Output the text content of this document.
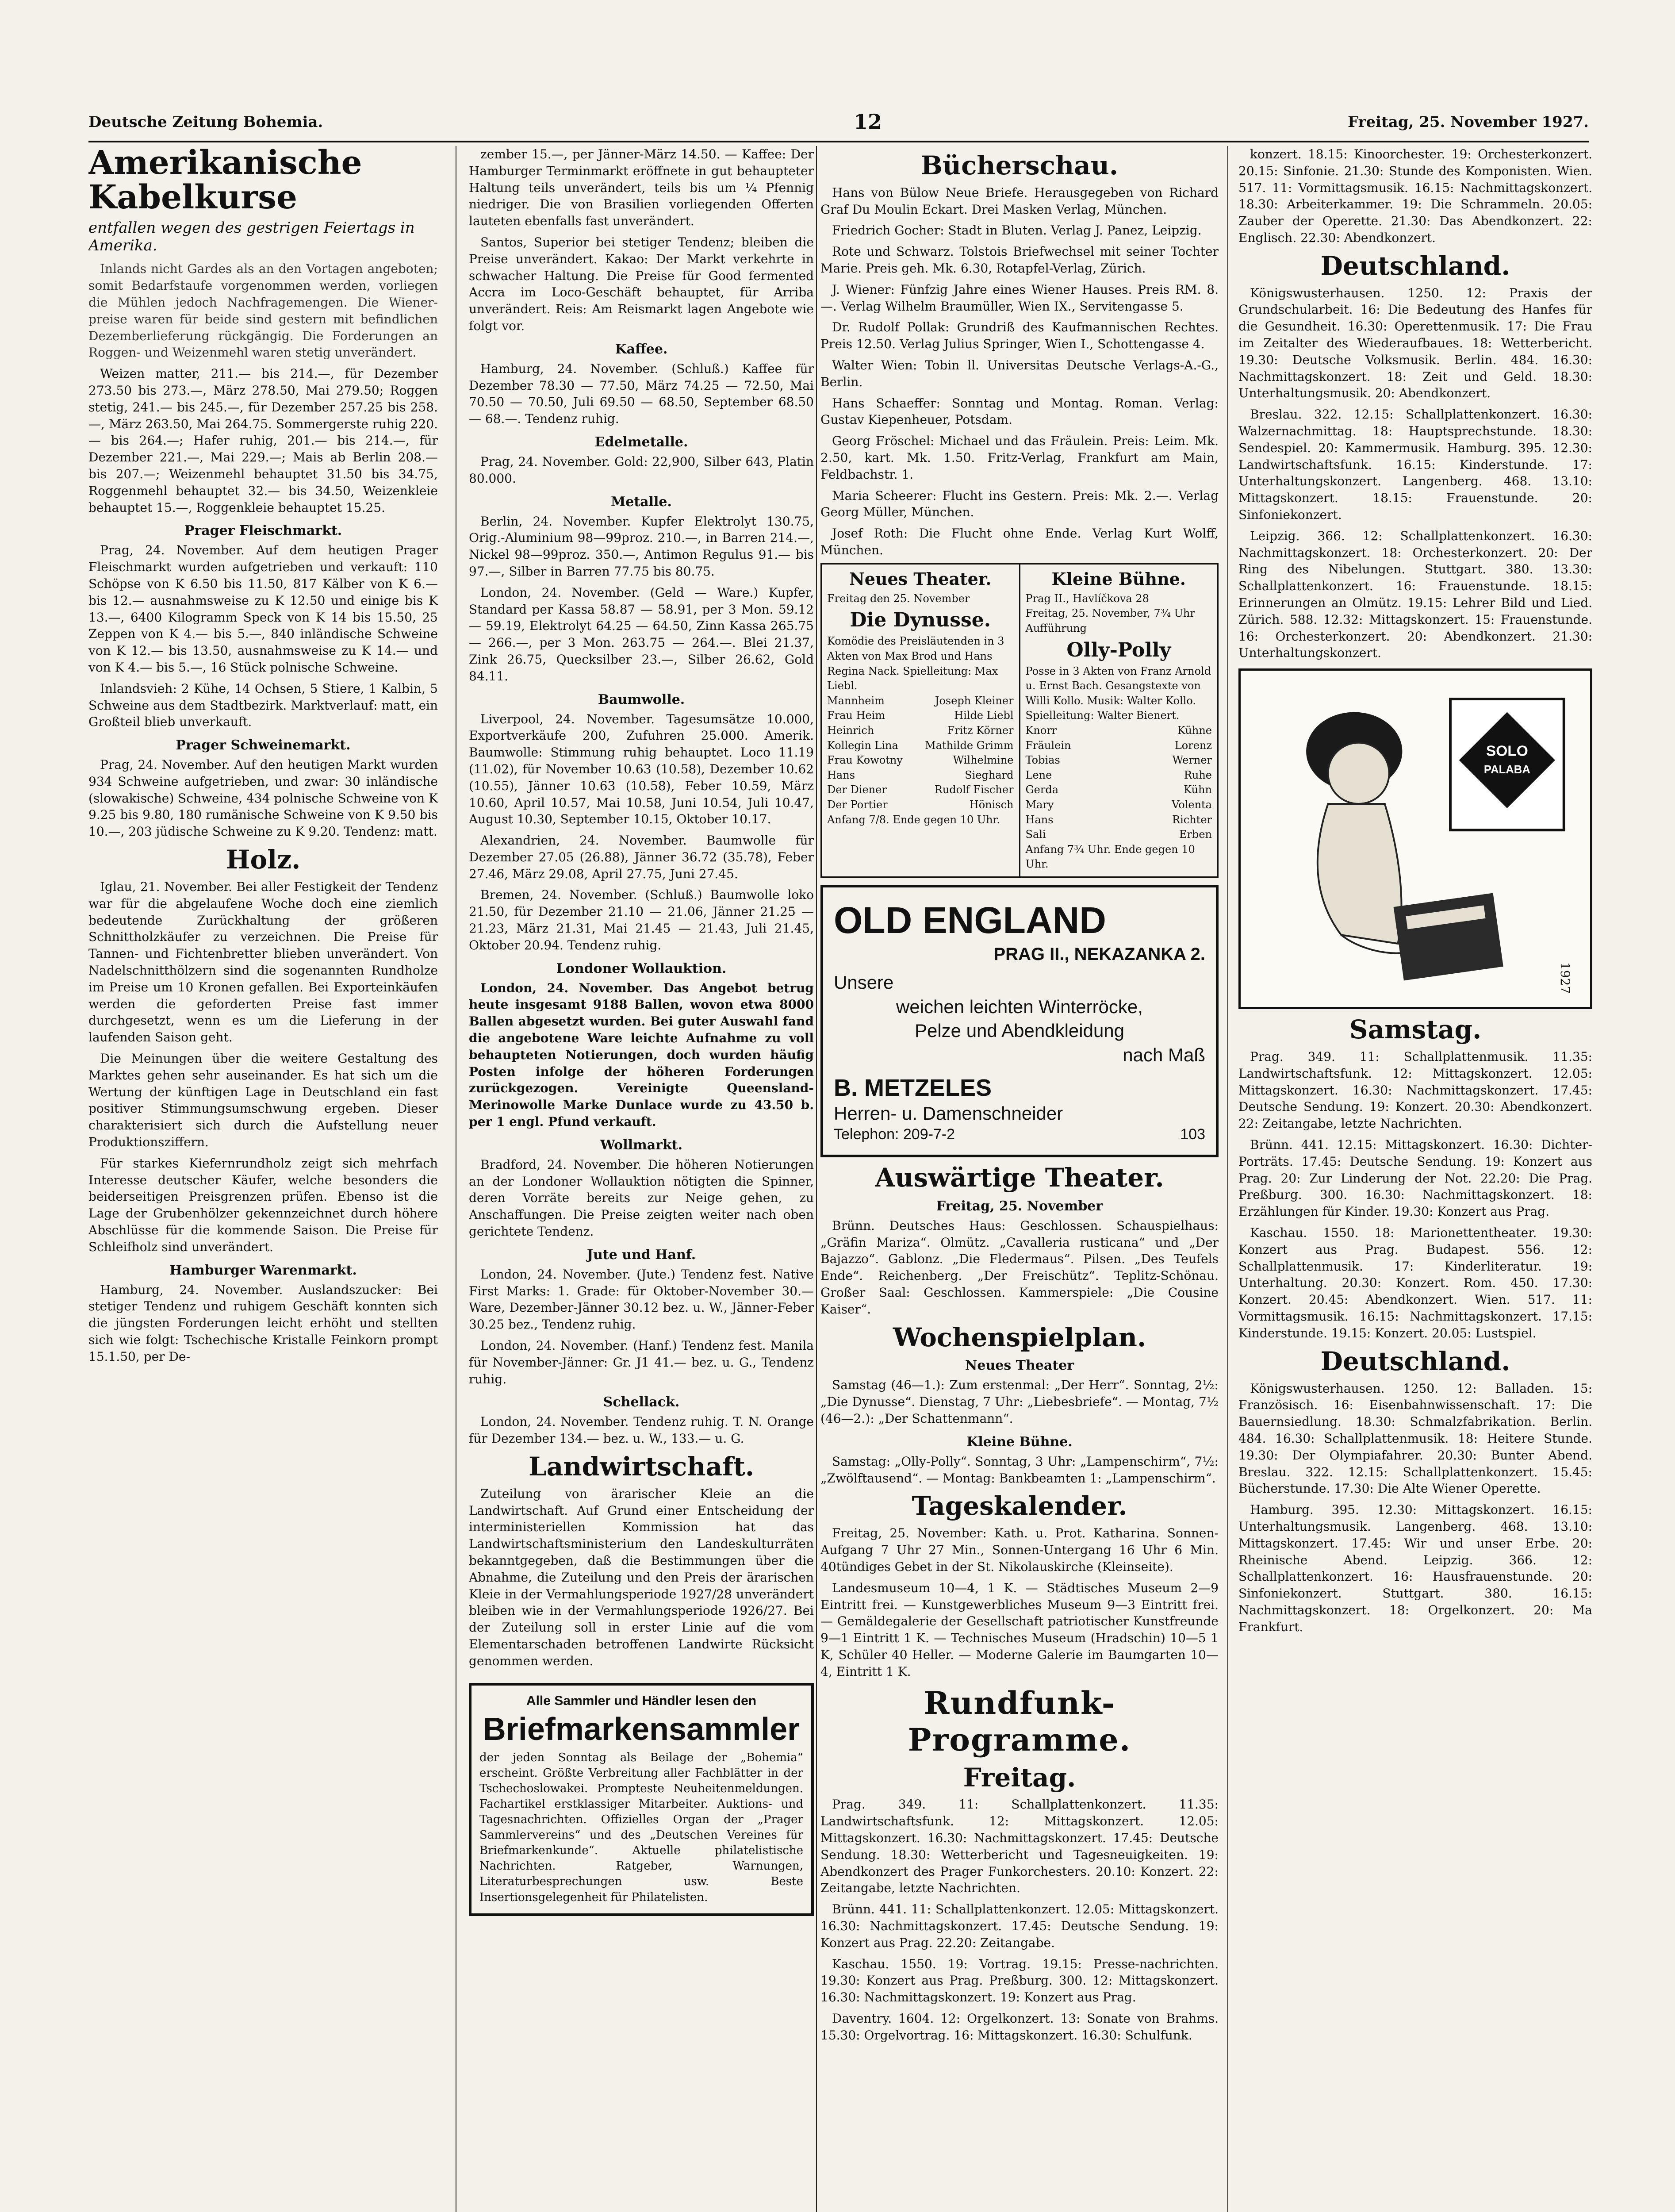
Deutsche Zeitung Bohemia.	12	Freitag, 25. November 1927.
Amerikanische Kabelkurse
entfallen wegen des gestrigen Feiertags in Amerika.

Inlands nicht Gardes als an den Vortagen angeboten; somit Bedarfstaufe vorgenommen werden, vorliegen die Mühlen jedoch Nachfragemengen. Die Wiener-preise waren für beide sind gestern mit befindlichen Dezemberlieferung rückgängig. Die Forderungen an Roggen- und Weizenmehl waren stetig unverändert.

Weizen matter, 211.— bis 214.—, für Dezember 273.50 bis 273.—, März 278.50, Mai 279.50; Roggen stetig, 241.— bis 245.—, für Dezember 257.25 bis 258.—, März 263.50, Mai 264.75. Sommergerste ruhig 220.— bis 264.—; Hafer ruhig, 201.— bis 214.—, für Dezember 221.—, Mai 229.—; Mais ab Berlin 208.— bis 207.—; Weizenmehl behauptet 31.50 bis 34.75, Roggenmehl behauptet 32.— bis 34.50, Weizenkleie behauptet 15.—, Roggenkleie behauptet 15.25.

Prager Fleischmarkt.

Prag, 24. November. Auf dem heutigen Prager Fleischmarkt wurden aufgetrieben und verkauft: 110 Schöpse von K 6.50 bis 11.50, 817 Kälber von K 6.— bis 12.— ausnahmsweise zu K 12.50 und einige bis K 13.—, 6400 Kilogramm Speck von K 14 bis 15.50, 25 Zeppen von K 4.— bis 5.—, 840 inländische Schweine von K 12.— bis 13.50, ausnahmsweise zu K 14.— und von K 4.— bis 5.—, 16 Stück polnische Schweine.

Inlandsvieh: 2 Kühe, 14 Ochsen, 5 Stiere, 1 Kalbin, 5 Schweine aus dem Stadtbezirk. Marktverlauf: matt, ein Großteil blieb unverkauft.

Prager Schweinemarkt.

Prag, 24. November. Auf den heutigen Markt wurden 934 Schweine aufgetrieben, und zwar: 30 inländische (slowakische) Schweine, 434 polnische Schweine von K 9.25 bis 9.80, 180 rumänische Schweine von K 9.50 bis 10.—, 203 jüdische Schweine zu K 9.20. Tendenz: matt.

Holz.

Iglau, 21. November. Bei aller Festigkeit der Tendenz war für die abgelaufene Woche doch eine ziemlich bedeutende Zurückhaltung der größeren Schnittholzkäufer zu verzeichnen. Die Preise für Tannen- und Fichtenbretter blieben unverändert. Von Nadelschnitthölzern sind die sogenannten Rundholze im Preise um 10 Kronen gefallen. Bei Exporteinkäufen werden die geforderten Preise fast immer durchgesetzt, wenn es um die Lieferung in der laufenden Saison geht.

Die Meinungen über die weitere Gestaltung des Marktes gehen sehr auseinander. Es hat sich um die Wertung der künftigen Lage in Deutschland ein fast positiver Stimmungsumschwung ergeben. Dieser charakterisiert sich durch die Aufstellung neuer Produktionsziffern.

Für starkes Kiefernrundholz zeigt sich mehrfach Interesse deutscher Käufer, welche besonders die beiderseitigen Preisgrenzen prüfen. Ebenso ist die Lage der Grubenhölzer gekennzeichnet durch höhere Abschlüsse für die kommende Saison. Die Preise für Schleifholz sind unverändert.

Hamburger Warenmarkt.

Hamburg, 24. November. Auslandszucker: Bei stetiger Tendenz und ruhigem Geschäft konnten sich die jüngsten Forderungen leicht erhöht und stellten sich wie folgt: Tschechische Kristalle Feinkorn prompt 15.1.50, per De-

zember 15.—, per Jänner-März 14.50. — Kaffee: Der Hamburger Terminmarkt eröffnete in gut behaupteter Haltung teils unverändert, teils bis um ¼ Pfennig niedriger. Die von Brasilien vorliegenden Offerten lauteten ebenfalls fast unverändert.

Santos, Superior bei stetiger Tendenz; bleiben die Preise unverändert. Kakao: Der Markt verkehrte in schwacher Haltung. Die Preise für Good fermented Accra im Loco-Geschäft behauptet, für Arriba unverändert. Reis: Am Reismarkt lagen Angebote wie folgt vor.

Kaffee.

Hamburg, 24. November. (Schluß.) Kaffee für Dezember 78.30 — 77.50, März 74.25 — 72.50, Mai 70.50 — 70.50, Juli 69.50 — 68.50, September 68.50 — 68.—. Tendenz ruhig.

Edelmetalle.

Prag, 24. November. Gold: 22,900, Silber 643, Platin 80.000.

Metalle.

Berlin, 24. November. Kupfer Elektrolyt 130.75, Orig.-Aluminium 98—99proz. 210.—, in Barren 214.—, Nickel 98—99proz. 350.—, Antimon Regulus 91.— bis 97.—, Silber in Barren 77.75 bis 80.75.

London, 24. November. (Geld — Ware.) Kupfer, Standard per Kassa 58.87 — 58.91, per 3 Mon. 59.12 — 59.19, Elektrolyt 64.25 — 64.50, Zinn Kassa 265.75 — 266.—, per 3 Mon. 263.75 — 264.—. Blei 21.37, Zink 26.75, Quecksilber 23.—, Silber 26.62, Gold 84.11.

Baumwolle.

Liverpool, 24. November. Tagesumsätze 10.000, Exportverkäufe 200, Zufuhren 25.000. Amerik. Baumwolle: Stimmung ruhig behauptet. Loco 11.19 (11.02), für November 10.63 (10.58), Dezember 10.62 (10.55), Jänner 10.63 (10.58), Feber 10.59, März 10.60, April 10.57, Mai 10.58, Juni 10.54, Juli 10.47, August 10.30, September 10.15, Oktober 10.17.

Alexandrien, 24. November. Baumwolle für Dezember 27.05 (26.88), Jänner 36.72 (35.78), Feber 27.46, März 29.08, April 27.75, Juni 27.45.

Bremen, 24. November. (Schluß.) Baumwolle loko 21.50, für Dezember 21.10 — 21.06, Jänner 21.25 — 21.23, März 21.31, Mai 21.45 — 21.43, Juli 21.45, Oktober 20.94. Tendenz ruhig.

Londoner Wollauktion.

London, 24. November. Das Angebot betrug heute insgesamt 9188 Ballen, wovon etwa 8000 Ballen abgesetzt wurden. Bei guter Auswahl fand die angebotene Ware leichte Aufnahme zu voll behaupteten Notierungen, doch wurden häufig Posten infolge der höheren Forderungen zurückgezogen. Vereinigte Queensland-Merinowolle Marke Dunlace wurde zu 43.50 b. per 1 engl. Pfund verkauft.

Wollmarkt.

Bradford, 24. November. Die höheren Notierungen an der Londoner Wollauktion nötigten die Spinner, deren Vorräte bereits zur Neige gehen, zu Anschaffungen. Die Preise zeigten weiter nach oben gerichtete Tendenz.

Jute und Hanf.

London, 24. November. (Jute.) Tendenz fest. Native First Marks: 1. Grade: für Oktober-November 30.— Ware, Dezember-Jänner 30.12 bez. u. W., Jänner-Feber 30.25 bez., Tendenz ruhig.

London, 24. November. (Hanf.) Tendenz fest. Manila für November-Jänner: Gr. J1 41.— bez. u. G., Tendenz ruhig.

Schellack.

London, 24. November. Tendenz ruhig. T. N. Orange für Dezember 134.— bez. u. W., 133.— u. G.

Landwirtschaft.

Zuteilung von ärarischer Kleie an die Landwirtschaft. Auf Grund einer Entscheidung der interministeriellen Kommission hat das Landwirtschaftsministerium den Landeskulturräten bekanntgegeben, daß die Bestimmungen über die Abnahme, die Zuteilung und den Preis der ärarischen Kleie in der Vermahlungsperiode 1927/28 unverändert bleiben wie in der Vermahlungsperiode 1926/27. Bei der Zuteilung soll in erster Linie auf die vom Elementarschaden betroffenen Landwirte Rücksicht genommen werden.

Alle Sammler und Händler lesen den
Briefmarkensammler
der jeden Sonntag als Beilage der „Bohemia“ erscheint. Größte Verbreitung aller Fachblätter in der Tschechoslowakei. Prompteste Neuheitenmeldungen. Fachartikel erstklassiger Mitarbeiter. Auktions- und Tagesnachrichten. Offizielles Organ der „Prager Sammlervereins“ und des „Deutschen Vereines für Briefmarkenkunde“. Aktuelle philatelistische Nachrichten. Ratgeber, Warnungen, Literaturbesprechungen usw. Beste Insertionsgelegenheit für Philatelisten.
Bücherschau.

Hans von Bülow Neue Briefe. Herausgegeben von Richard Graf Du Moulin Eckart. Drei Masken Verlag, München.

Friedrich Gocher: Stadt in Bluten. Verlag J. Panez, Leipzig.

Rote und Schwarz. Tolstois Briefwechsel mit seiner Tochter Marie. Preis geh. Mk. 6.30, Rotapfel-Verlag, Zürich.

J. Wiener: Fünfzig Jahre eines Wiener Hauses. Preis RM. 8.—. Verlag Wilhelm Braumüller, Wien IX., Servitengasse 5.

Dr. Rudolf Pollak: Grundriß des Kaufmannischen Rechtes. Preis 12.50. Verlag Julius Springer, Wien I., Schottengasse 4.

Walter Wien: Tobin ll. Universitas Deutsche Verlags-A.-G., Berlin.

Hans Schaeffer: Sonntag und Montag. Roman. Verlag: Gustav Kiepenheuer, Potsdam.

Georg Fröschel: Michael und das Fräulein. Preis: Leim. Mk. 2.50, kart. Mk. 1.50. Fritz-Verlag, Frankfurt am Main, Feldbachstr. 1.

Maria Scheerer: Flucht ins Gestern. Preis: Mk. 2.—. Verlag Georg Müller, München.

Josef Roth: Die Flucht ohne Ende. Verlag Kurt Wolff, München.

Neues Theater.
Freitag den 25. November
Die Dynusse.
Komödie des Preisläutenden in 3 Akten von Max Brod und Hans Regina Nack. Spielleitung: Max Liebl.
Mannheim	Joseph Kleiner
Frau Heim	Hilde Liebl
Heinrich	Fritz Körner
Kollegin Lina	Mathilde Grimm
Frau Kowotny	Wilhelmine
Hans	Sieghard
Der Diener	Rudolf Fischer
Der Portier	Hönisch
Anfang 7/8. Ende gegen 10 Uhr.
Kleine Bühne.
Prag II., Havlíčkova 28
Freitag, 25. November, 7¾ Uhr Aufführung
Olly-Polly
Posse in 3 Akten von Franz Arnold u. Ernst Bach. Gesangstexte von Willi Kollo. Musik: Walter Kollo. Spielleitung: Walter Bienert.
Knorr	Kühne
Fräulein	Lorenz
Tobias	Werner
Lene	Ruhe
Gerda	Kühn
Mary	Volenta
Hans	Richter
Sali	Erben
Anfang 7¾ Uhr. Ende gegen 10 Uhr.
OLD ENGLAND
PRAG II., NEKAZANKA 2.
Unsere
weichen leichten Winterröcke,
Pelze und Abendkleidung
nach Maß
B. METZELES
Herren- u. Damenschneider
Telephon: 209-7-2	103
Auswärtige Theater.
Freitag, 25. November

Brünn. Deutsches Haus: Geschlossen. Schauspielhaus: „Gräfin Mariza“. Olmütz. „Cavalleria rusticana“ und „Der Bajazzo“. Gablonz. „Die Fledermaus“. Pilsen. „Des Teufels Ende“. Reichenberg. „Der Freischütz“. Teplitz-Schönau. Großer Saal: Geschlossen. Kammerspiele: „Die Cousine Kaiser“.

Wochenspielplan.
Neues Theater

Samstag (46—1.): Zum erstenmal: „Der Herr“. Sonntag, 2½: „Die Dynusse“. Dienstag, 7 Uhr: „Liebesbriefe“. — Montag, 7½ (46—2.): „Der Schattenmann“.

Kleine Bühne.

Samstag: „Olly-Polly“. Sonntag, 3 Uhr: „Lampenschirm“, 7½: „Zwölftausend“. — Montag: Bankbeamten 1: „Lampenschirm“.

Tageskalender.

Freitag, 25. November: Kath. u. Prot. Katharina. Sonnen-Aufgang 7 Uhr 27 Min., Sonnen-Untergang 16 Uhr 6 Min. 40tündiges Gebet in der St. Nikolauskirche (Kleinseite).

Landesmuseum 10—4, 1 K. — Städtisches Museum 2—9 Eintritt frei. — Kunstgewerbliches Museum 9—3 Eintritt frei. — Gemäldegalerie der Gesellschaft patriotischer Kunstfreunde 9—1 Eintritt 1 K. — Technisches Museum (Hradschin) 10—5 1 K, Schüler 40 Heller. — Moderne Galerie im Baumgarten 10—4, Eintritt 1 K.

Rundfunk-Programme.
Freitag.

Prag. 349. 11: Schallplattenkonzert. 11.35: Landwirtschaftsfunk. 12: Mittagskonzert. 12.05: Mittagskonzert. 16.30: Nachmittagskonzert. 17.45: Deutsche Sendung. 18.30: Wetterbericht und Tagesneuigkeiten. 19: Abendkonzert des Prager Funkorchesters. 20.10: Konzert. 22: Zeitangabe, letzte Nachrichten.

Brünn. 441. 11: Schallplattenkonzert. 12.05: Mittagskonzert. 16.30: Nachmittagskonzert. 17.45: Deutsche Sendung. 19: Konzert aus Prag. 22.20: Zeitangabe.

Kaschau. 1550. 19: Vortrag. 19.15: Presse-nachrichten. 19.30: Konzert aus Prag. Preßburg. 300. 12: Mittagskonzert. 16.30: Nachmittagskonzert. 19: Konzert aus Prag.

Daventry. 1604. 12: Orgelkonzert. 13: Sonate von Brahms. 15.30: Orgelvortrag. 16: Mittagskonzert. 16.30: Schulfunk.

konzert. 18.15: Kinoorchester. 19: Orchesterkonzert. 20.15: Sinfonie. 21.30: Stunde des Komponisten. Wien. 517. 11: Vormittagsmusik. 16.15: Nachmittagskonzert. 18.30: Arbeiterkammer. 19: Die Schrammeln. 20.05: Zauber der Operette. 21.30: Das Abendkonzert. 22: Englisch. 22.30: Abendkonzert.

Deutschland.

Königswusterhausen. 1250. 12: Praxis der Grundschularbeit. 16: Die Bedeutung des Hanfes für die Gesundheit. 16.30: Operettenmusik. 17: Die Frau im Zeitalter des Wiederaufbaues. 18: Wetterbericht. 19.30: Deutsche Volksmusik. Berlin. 484. 16.30: Nachmittagskonzert. 18: Zeit und Geld. 18.30: Unterhaltungsmusik. 20: Abendkonzert.

Breslau. 322. 12.15: Schallplattenkonzert. 16.30: Walzernachmittag. 18: Hauptsprechstunde. 18.30: Sendespiel. 20: Kammermusik. Hamburg. 395. 12.30: Landwirtschaftsfunk. 16.15: Kinderstunde. 17: Unterhaltungskonzert. Langenberg. 468. 13.10: Mittagskonzert. 18.15: Frauenstunde. 20: Sinfoniekonzert.

Leipzig. 366. 12: Schallplattenkonzert. 16.30: Nachmittagskonzert. 18: Orchesterkonzert. 20: Der Ring des Nibelungen. Stuttgart. 380. 13.30: Schallplattenkonzert. 16: Frauenstunde. 18.15: Erinnerungen an Olmütz. 19.15: Lehrer Bild und Lied. Zürich. 588. 12.32: Mittagskonzert. 15: Frauenstunde. 16: Orchesterkonzert. 20: Abendkonzert. 21.30: Unterhaltungskonzert.

SOLO
PALABA
1927
Samstag.

Prag. 349. 11: Schallplattenmusik. 11.35: Landwirtschaftsfunk. 12: Mittagskonzert. 12.05: Mittagskonzert. 16.30: Nachmittagskonzert. 17.45: Deutsche Sendung. 19: Konzert. 20.30: Abendkonzert. 22: Zeitangabe, letzte Nachrichten.

Brünn. 441. 12.15: Mittagskonzert. 16.30: Dichter-Porträts. 17.45: Deutsche Sendung. 19: Konzert aus Prag. 20: Zur Linderung der Not. 22.20: Die Prag. Preßburg. 300. 16.30: Nachmittagskonzert. 18: Erzählungen für Kinder. 19.30: Konzert aus Prag.

Kaschau. 1550. 18: Marionettentheater. 19.30: Konzert aus Prag. Budapest. 556. 12: Schallplattenmusik. 17: Kinderliteratur. 19: Unterhaltung. 20.30: Konzert. Rom. 450. 17.30: Konzert. 20.45: Abendkonzert. Wien. 517. 11: Vormittagsmusik. 16.15: Nachmittagskonzert. 17.15: Kinderstunde. 19.15: Konzert. 20.05: Lustspiel.

Deutschland.

Königswusterhausen. 1250. 12: Balladen. 15: Französisch. 16: Eisenbahnwissenschaft. 17: Die Bauernsiedlung. 18.30: Schmalzfabrikation. Berlin. 484. 16.30: Schallplattenmusik. 18: Heitere Stunde. 19.30: Der Olympiafahrer. 20.30: Bunter Abend. Breslau. 322. 12.15: Schallplattenkonzert. 15.45: Bücherstunde. 17.30: Die Alte Wiener Operette.

Hamburg. 395. 12.30: Mittagskonzert. 16.15: Unterhaltungsmusik. Langenberg. 468. 13.10: Mittagskonzert. 17.45: Wir und unser Erbe. 20: Rheinische Abend. Leipzig. 366. 12: Schallplattenkonzert. 16: Hausfrauenstunde. 20: Sinfoniekonzert. Stuttgart. 380. 16.15: Nachmittagskonzert. 18: Orgelkonzert. 20: Ma Frankfurt.
